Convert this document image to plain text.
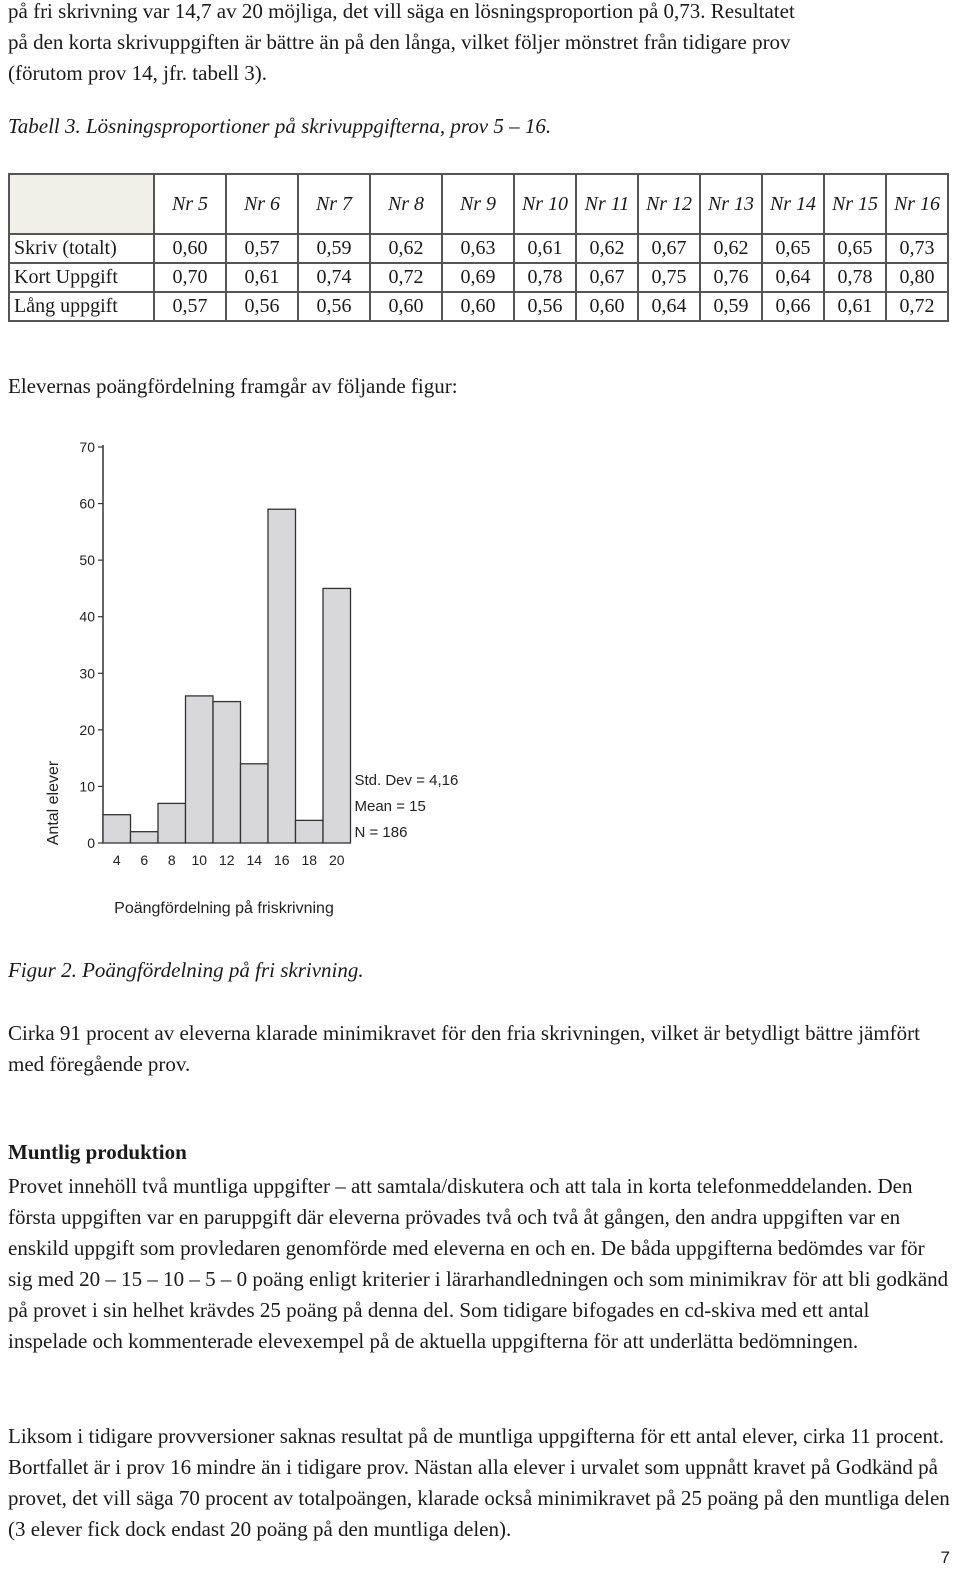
på fri skrivning var 14,7 av 20 möjliga, det vill säga en lösningsproportion på 0,73. Resultatet
på den korta skrivuppgiften är bättre än på den långa, vilket följer mönstret från tidigare prov
(förutom prov 14, jfr. tabell 3).
Tabell 3. Lösningsproportioner på skrivuppgifterna, prov 5 – 16.
	Nr 5	Nr 6	Nr 7	Nr 8	Nr 9	Nr 10	Nr 11	Nr 12	Nr 13	Nr 14	Nr 15	Nr 16
Skriv (totalt)	0,60	0,57	0,59	0,62	0,63	0,61	0,62	0,67	0,62	0,65	0,65	0,73
Kort Uppgift	0,70	0,61	0,74	0,72	0,69	0,78	0,67	0,75	0,76	0,64	0,78	0,80
Lång uppgift	0,57	0,56	0,56	0,60	0,60	0,56	0,60	0,64	0,59	0,66	0,61	0,72
Elevernas poängfördelning framgår av följande figur:
0
10
20
30
40
50
60
70
4 6 8 10 12 14 16 18 20
Antal elever
Poängfördelning på friskrivning
Std. Dev = 4,16
Mean = 15
N = 186
Figur 2. Poängfördelning på fri skrivning.
Cirka 91 procent av eleverna klarade minimikravet för den fria skrivningen, vilket är betydligt bättre jämfört med föregående prov.
Muntlig produktion
Provet innehöll två muntliga uppgifter – att samtala/diskutera och att tala in korta telefonmeddelanden. Den första uppgiften var en paruppgift där eleverna prövades två och två åt gången, den andra uppgiften var en enskild uppgift som provledaren genomförde med eleverna en och en. De båda uppgifterna bedömdes var för sig med 20 – 15 – 10 – 5 – 0 poäng enligt kriterier i lärarhandledningen och som minimikrav för att bli godkänd på provet i sin helhet krävdes 25 poäng på denna del. Som tidigare bifogades en cd-skiva med ett antal inspelade och kommenterade elevexempel på de aktuella uppgifterna för att underlätta bedömningen.
Liksom i tidigare provversioner saknas resultat på de muntliga uppgifterna för ett antal elever, cirka 11 procent. Bortfallet är i prov 16 mindre än i tidigare prov. Nästan alla elever i urvalet som uppnått kravet på Godkänd på provet, det vill säga 70 procent av totalpoängen, klarade också minimikravet på 25 poäng på den muntliga delen (3 elever fick dock endast 20 poäng på den muntliga delen).
7
